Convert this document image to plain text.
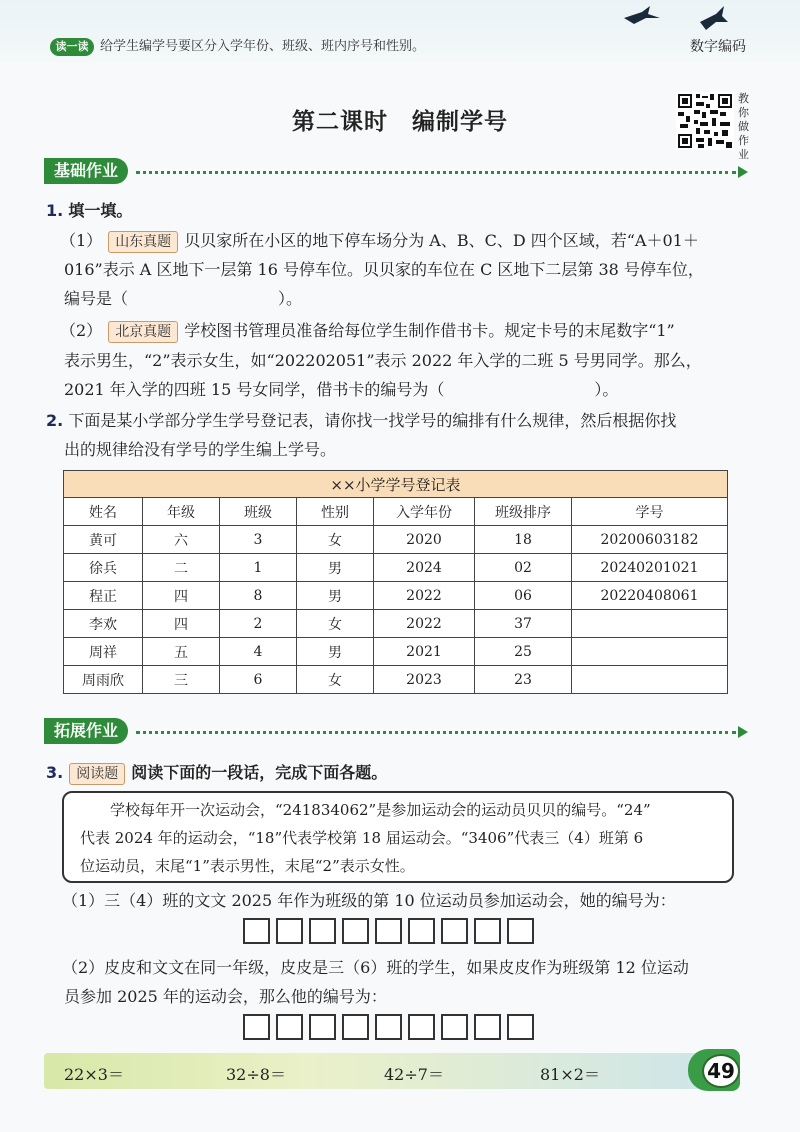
读一读 给学生编学号要区分入学年份、班级、班内序号和性别。	数字编码
第二课时　编制学号
教你做作业
基础作业
1. 填一填。
（1） 山东真题 贝贝家所在小区的地下停车场分为 A、B、C、D 四个区域，若“A＋01＋
016”表示 A 区地下一层第 16 号停车位。贝贝家的车位在 C 区地下二层第 38 号停车位，
编号是（	）。
（2） 北京真题 学校图书管理员准备给每位学生制作借书卡。规定卡号的末尾数字“1”
表示男生，“2”表示女生，如“202202051”表示 2022 年入学的二班 5 号男同学。那么，
2021 年入学的四班 15 号女同学，借书卡的编号为（	）。
2. 下面是某小学部分学生学号登记表，请你找一找学号的编排有什么规律，然后根据你找
出的规律给没有学号的学生编上学号。
××小学学号登记表						
姓名	年级	班级	性别	入学年份	班级排序	学号
黄可	六	3	女	2020	18	20200603182
徐兵	二	1	男	2024	02	20240201021
程正	四	8	男	2022	06	20220408061
李欢	四	2	女	2022	37	
周祥	五	4	男	2021	25	
周雨欣	三	6	女	2023	23	
拓展作业
3. 阅读题 阅读下面的一段话，完成下面各题。
学校每年开一次运动会，“241834062”是参加运动会的运动员贝贝的编号。“24”
代表 2024 年的运动会，“18”代表学校第 18 届运动会。“3406”代表三（4）班第 6
位运动员，末尾“1”表示男性，末尾“2”表示女性。
（1）三（4）班的文文 2025 年作为班级的第 10 位运动员参加运动会，她的编号为：
（2）皮皮和文文在同一年级，皮皮是三（6）班的学生，如果皮皮作为班级第 12 位运动
员参加 2025 年的运动会，那么他的编号为：
22×3＝	32÷8＝	42÷7＝	81×2＝	49
